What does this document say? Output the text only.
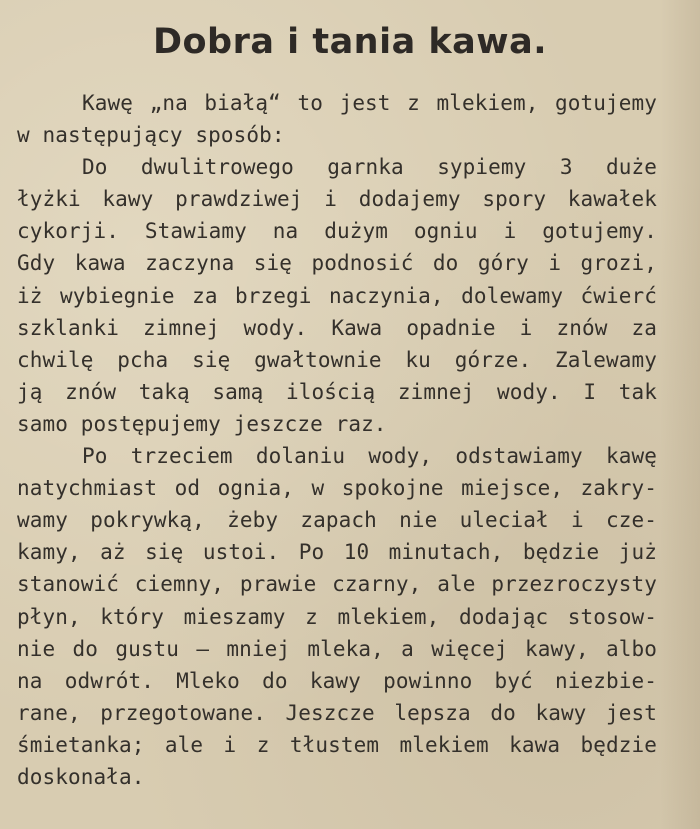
Dobra i tania kawa.
Kawę „na białą“ to jest z mlekiem, gotujemy
w następujący sposób:
Do dwulitrowego garnka sypiemy 3 duże
łyżki kawy prawdziwej i dodajemy spory kawałek
cykorji. Stawiamy na dużym ogniu i gotujemy.
Gdy kawa zaczyna się podnosić do góry i grozi,
iż wybiegnie za brzegi naczynia, dolewamy ćwierć
szklanki zimnej wody. Kawa opadnie i znów za
chwilę pcha się gwałtownie ku górze. Zalewamy
ją znów taką samą ilością zimnej wody. I tak
samo postępujemy jeszcze raz.
Po trzeciem dolaniu wody, odstawiamy kawę
natychmiast od ognia, w spokojne miejsce, zakry-
wamy pokrywką, żeby zapach nie uleciał i cze-
kamy, aż się ustoi. Po 10 minutach, będzie już
stanowić ciemny, prawie czarny, ale przezroczysty
płyn, który mieszamy z mlekiem, dodając stosow-
nie do gustu — mniej mleka, a więcej kawy, albo
na odwrót. Mleko do kawy powinno być niezbie-
rane, przegotowane. Jeszcze lepsza do kawy jest
śmietanka; ale i z tłustem mlekiem kawa będzie
doskonała.
